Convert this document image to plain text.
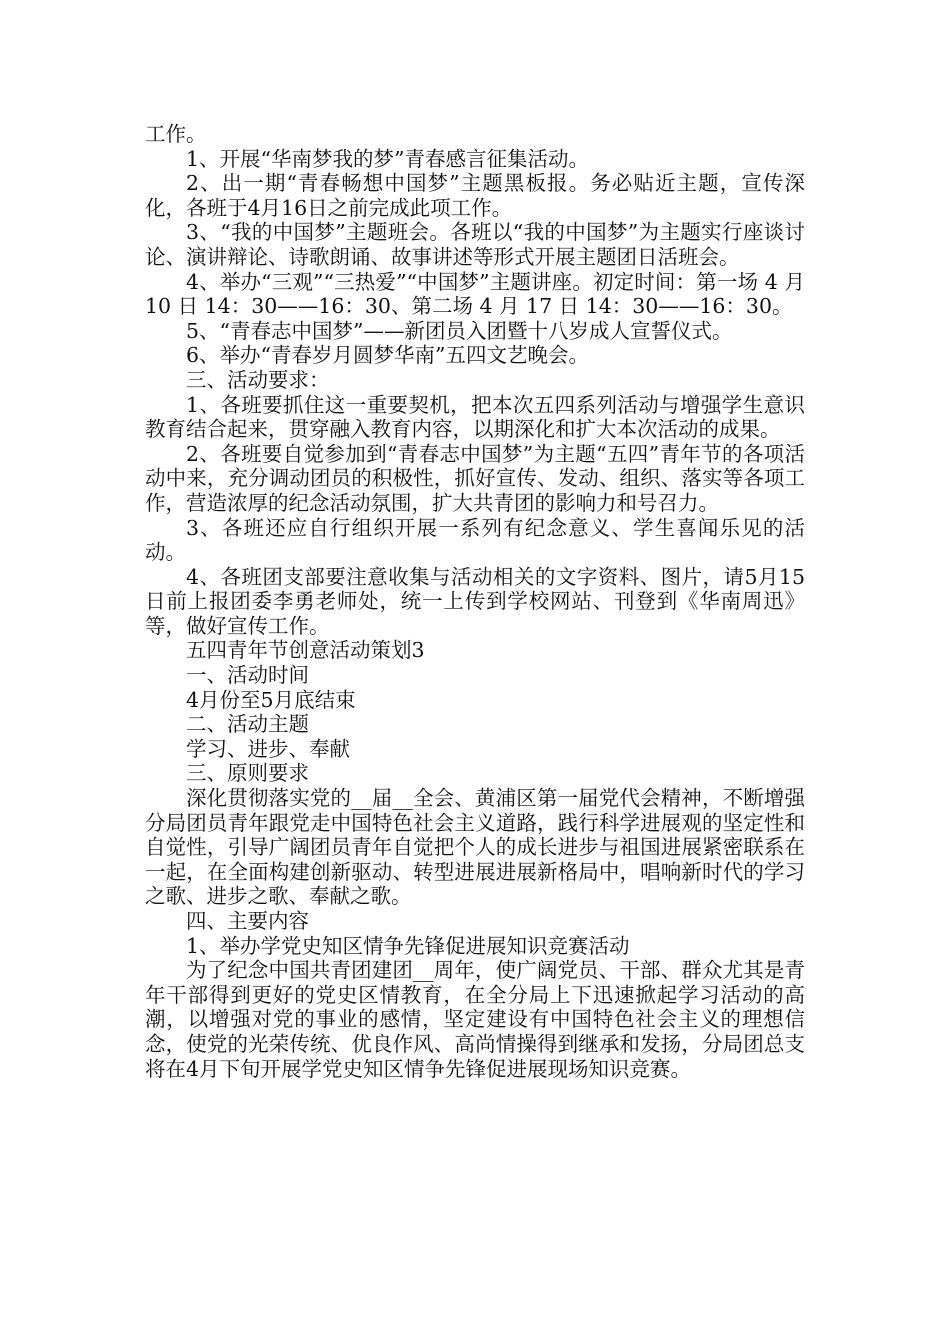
工作。

1、开展“华南梦我的梦”青春感言征集活动。

2、出一期“青春畅想中国梦”主题黑板报。务必贴近主题，宣传深化，各班于4月16日之前完成此项工作。

3、“我的中国梦”主题班会。各班以“我的中国梦”为主题实行座谈讨论、演讲辩论、诗歌朗诵、故事讲述等形式开展主题团日活班会。

4、举办“三观”“三热爱”“中国梦”主题讲座。初定时间：第一场 4 月 10 日 14：30——16：30、第二场 4 月 17 日 14：30——16：30。

5、“青春志中国梦”——新团员入团暨十八岁成人宣誓仪式。

6、举办“青春岁月圆梦华南”五四文艺晚会。

三、活动要求：

1、各班要抓住这一重要契机，把本次五四系列活动与增强学生意识教育结合起来，贯穿融入教育内容，以期深化和扩大本次活动的成果。

2、各班要自觉参加到“青春志中国梦”为主题“五四”青年节的各项活动中来，充分调动团员的积极性，抓好宣传、发动、组织、落实等各项工作，营造浓厚的纪念活动氛围，扩大共青团的影响力和号召力。

3、各班还应自行组织开展一系列有纪念意义、学生喜闻乐见的活动。

4、各班团支部要注意收集与活动相关的文字资料、图片，请5月15日前上报团委李勇老师处，统一上传到学校网站、刊登到《华南周迅》等，做好宣传工作。

五四青年节创意活动策划3

一、活动时间

4月份至5月底结束

二、活动主题

学习、进步、奉献

三、原则要求

深化贯彻落实党的__届__全会、黄浦区第一届党代会精神，不断增强分局团员青年跟党走中国特色社会主义道路，践行科学进展观的坚定性和自觉性，引导广阔团员青年自觉把个人的成长进步与祖国进展紧密联系在一起，在全面构建创新驱动、转型进展进展新格局中，唱响新时代的学习之歌、进步之歌、奉献之歌。

四、主要内容

1、举办学党史知区情争先锋促进展知识竞赛活动

为了纪念中国共青团建团__周年，使广阔党员、干部、群众尤其是青年干部得到更好的党史区情教育，在全分局上下迅速掀起学习活动的高潮，以增强对党的事业的感情，坚定建设有中国特色社会主义的理想信念，使党的光荣传统、优良作风、高尚情操得到继承和发扬，分局团总支将在4月下旬开展学党史知区情争先锋促进展现场知识竞赛。
